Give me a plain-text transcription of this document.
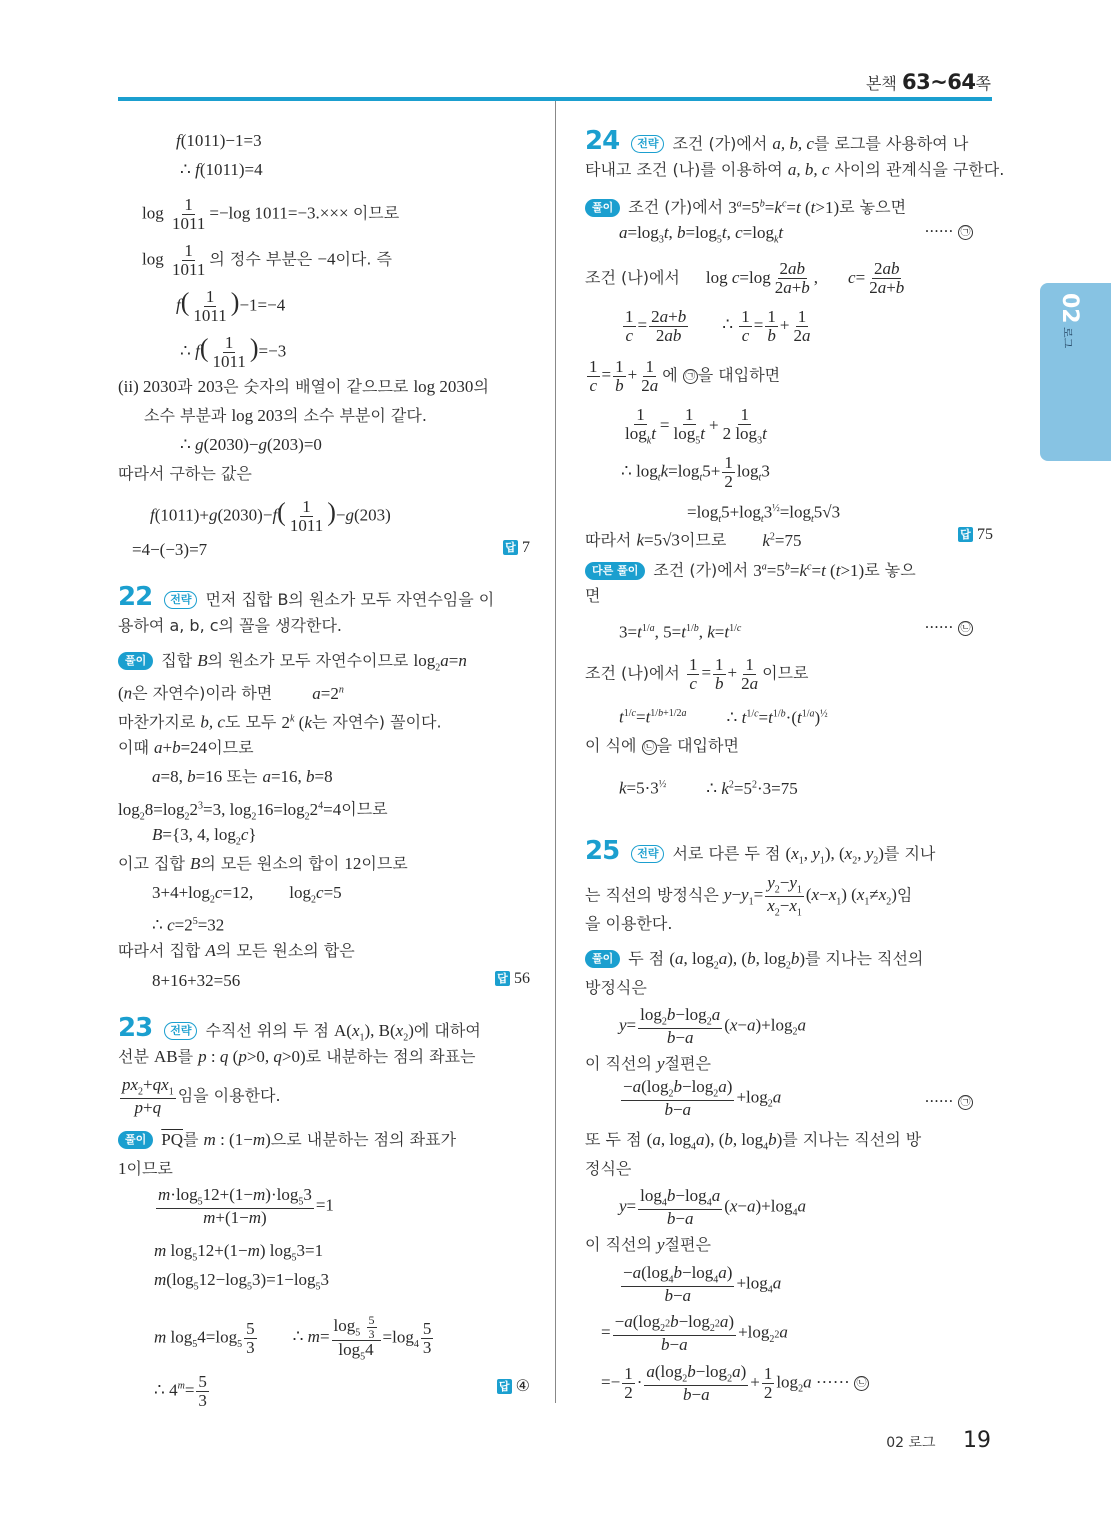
본책 63~64쪽
02
로그
f(1011)−1=3
∴ f(1011)=4
$\log \frac{1}{1011} =-\log$ 1011=−3.××× 이므로
$\log \frac{1}{1011}$ 의 정수 부분은 −4이다. 즉
$f( \frac{1}{1011} )-1=-4$
∴ $f( \frac{1}{1011} )=-3$
(ii) 2030과 203은 숫자의 배열이 같으므로 log 2030의
소수 부분과 log 203의 소수 부분이 같다.
∴ g(2030)−g(203)=0
따라서 구하는 값은
$f(1011)+g(2030)-f( \frac{1}{1011} )-g(203)$
=4−(−3)=7	답 7
22 전략 먼저 집합 B의 원소가 모두 자연수임을 이
용하여 a, b, c의 꼴을 생각한다.
풀이 집합 B의 원소가 모두 자연수이므로 $\log_2a=n$
(n은 자연수)이라 하면 $a=2^n$
마찬가지로 b, c도 모두 2$^k$ (k는 자연수) 꼴이다.
이때 a+b=24이므로
a=8, b=16 또는 a=16, b=8
$\log_28=\log_22^3=3$, $\log_216=\log_22^4=4$이므로
B={3, 4, $\log_2c$}
이고 집합 B의 모든 원소의 합이 12이므로
$3+4+\log_2c=12$, $\log_2c=5$
∴ $c=2^5=32$
따라서 집합 A의 모든 원소의 합은
8+16+32=56	답 56
23 전략 수직선 위의 두 점 $A(x_1)$, $B(x_2)$에 대하여
선분 AB를 p : q (p>0, q>0)로 내분하는 점의 좌표는
$\frac{px_2+qx_1}{p+q}$ 임을 이용한다.
풀이 $\overline{PQ}$를 m : (1−m)으로 내분하는 점의 좌표가
1이므로
$\frac{m\cdot\log_512+(1-m)\cdot\log_53}{m+(1-m)} =1$
m $\log_512+(1-m)$ $\log_53=1$
$m(\log_512-\log_53)=1-\log_53$
m $\log_54=\log_5 \frac{5}{3}$ ∴ $m= \frac{\log_5 \frac{5}{3}}{\log_54} =\log_4 \frac{5}{3}$
∴ $4^m= \frac{5}{3}$	답 ④
24 전략 조건 (가)에서 a, b, c를 로그를 사용하여 나
타내고 조건 (나)를 이용하여 a, b, c 사이의 관계식을 구한다.
풀이 조건 (가)에서 $3^a=5^b=k^c=t$ (t>1)로 놓으면
$a=\log_3t$, $b=\log_5t$, $c=\log_kt$	······ ㉠
조건 (나)에서 $\log c=\log \frac{2ab}{2a+b}$ , $c= \frac{2ab}{2a+b}$
$\frac{1}{c} = \frac{2a+b}{2ab}$ ∴ $\frac{1}{c} = \frac{1}{b} + \frac{1}{2a}$
$\frac{1}{c} = \frac{1}{b} + \frac{1}{2a}$ 에 ㉠ 을 대입하면
$\frac{1}{\log_kt} = \frac{1}{\log_5t} + \frac{1}{2 \log_3t}$
∴ $\log_tk=\log_t5+ \frac{1}{2} \log_t3$
$=\log_t5+\log_t3^{\frac{1}{2}}=\log_t5√3$
따라서 k=5√3이므로 $k^2=75$	답 75
다른 풀이 조건 (가)에서 $3^a=5^b=k^c=t$ (t>1)로 놓으
면
$3=t^{1/a}$, $5=t^{1/b}$, $k=t^{1/c}$	······ ㉡
조건 (나)에서 $\frac{1}{c} = \frac{1}{b} + \frac{1}{2a}$ 이므로
$t^{1/c}=t^{1/b+1/2a}$ ∴ $t^{1/c}=t^{1/b}\cdot(t^{1/a})^{\frac{1}{2}}$
이 식에 ㉡ 을 대입하면
$k=5\cdot 3^{\frac{1}{2}}$ ∴ $k^2=5^2\cdot 3=75$
25 전략 서로 다른 두 점 ($x_1$, $y_1$), ($x_2$, $y_2$)를 지나
는 직선의 방정식은 $y-y_1= \frac{y_2-y_1}{x_2-x_1} (x-x_1)$ $(x_1\ne x_2)$임
을 이용한다.
풀이 두 점 (a, $\log_2a$), (b, $\log_2b$)를 지나는 직선의
방정식은
$y= \frac{\log_2b-\log_2a}{b-a} (x-a)+\log_2a$
이 직선의 y절편은
$\frac{-a(\log_2b-\log_2a)}{b-a} +\log_2a$	······ ㉠
또 두 점 (a, $\log_4a$), (b, $\log_4b$)를 지나는 직선의 방
정식은
$y= \frac{\log_4b-\log_4a}{b-a} (x-a)+\log_4a$
이 직선의 y절편은
$\frac{-a(\log_4b-\log_4a)}{b-a} +\log_4a$
= $\frac{-a(\log_{2^2}b-\log_{2^2}a)}{b-a} +\log_{2^2}a$
=− $\frac{1}{2} \cdot \frac{a(\log_2b-\log_2a)}{b-a} + \frac{1}{2} \log_2a$ ······ ㉡
02 로그 19
